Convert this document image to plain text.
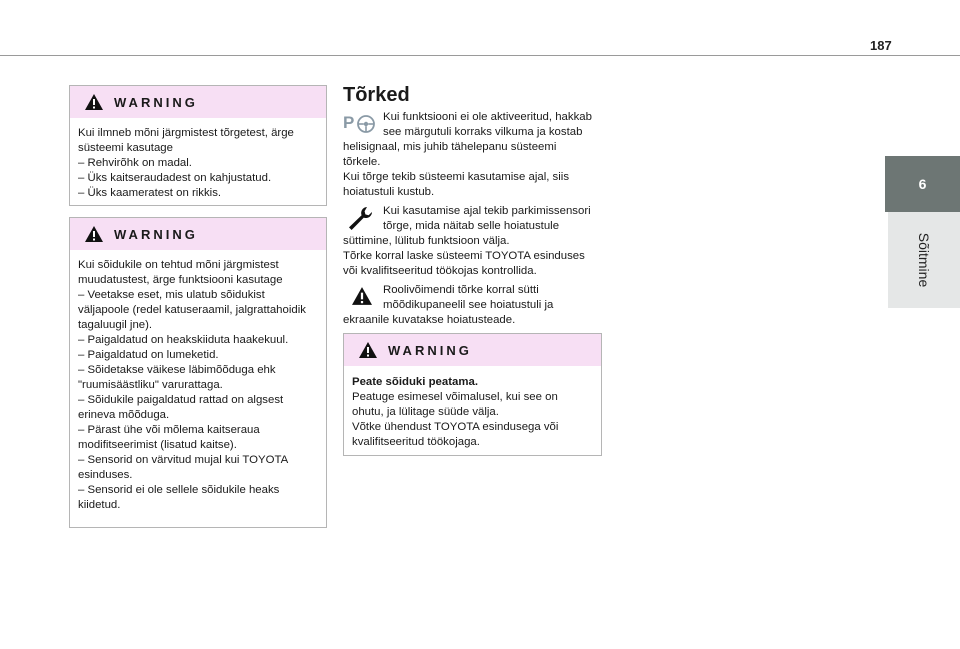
187
6
Sõitmine
WARNING

Kui ilmneb mõni järgmistest tõrgetest, ärge

süsteemi kasutage

– Rehvirõhk on madal.

– Üks kaitseraudadest on kahjustatud.

– Üks kaameratest on rikkis.

WARNING

Kui sõidukile on tehtud mõni järgmistest

muudatustest, ärge funktsiooni kasutage

– Veetakse eset, mis ulatub sõidukist

väljapoole (redel katuseraamil, jalgrattahoidik

tagaluugil jne).

– Paigaldatud on heakskiiduta haakekuul.

– Paigaldatud on lumeketid.

– Sõidetakse väikese läbimõõduga ehk

"ruumisäästliku" varurattaga.

– Sõidukile paigaldatud rattad on algsest

erineva mõõduga.

– Pärast ühe või mõlema kaitseraua

modifitseerimist (lisatud kaitse).

– Sensorid on värvitud mujal kui TOYOTA

esinduses.

– Sensorid ei ole sellele sõidukile heaks

kiidetud.

Tõrked
P	Kui funktsiooni ei ole aktiveeritud, hakkab

see märgutuli korraks vilkuma ja kostab

helisignaal, mis juhib tähelepanu süsteemi

tõrkele.

Kui tõrge tekib süsteemi kasutamise ajal, siis

hoiatustuli kustub.

Kui kasutamise ajal tekib parkimissensori

tõrge, mida näitab selle hoiatustule

süttimine, lülitub funktsioon välja.

Tõrke korral laske süsteemi TOYOTA esinduses

või kvalifitseeritud töökojas kontrollida.

Roolivõimendi tõrke korral sütti

mõõdikupaneelil see hoiatustuli ja

ekraanile kuvatakse hoiatusteade.

WARNING

Peate sõiduki peatama.

Peatuge esimesel võimalusel, kui see on

ohutu, ja lülitage süüde välja.

Võtke ühendust TOYOTA esindusega või

kvalifitseeritud töökojaga.
